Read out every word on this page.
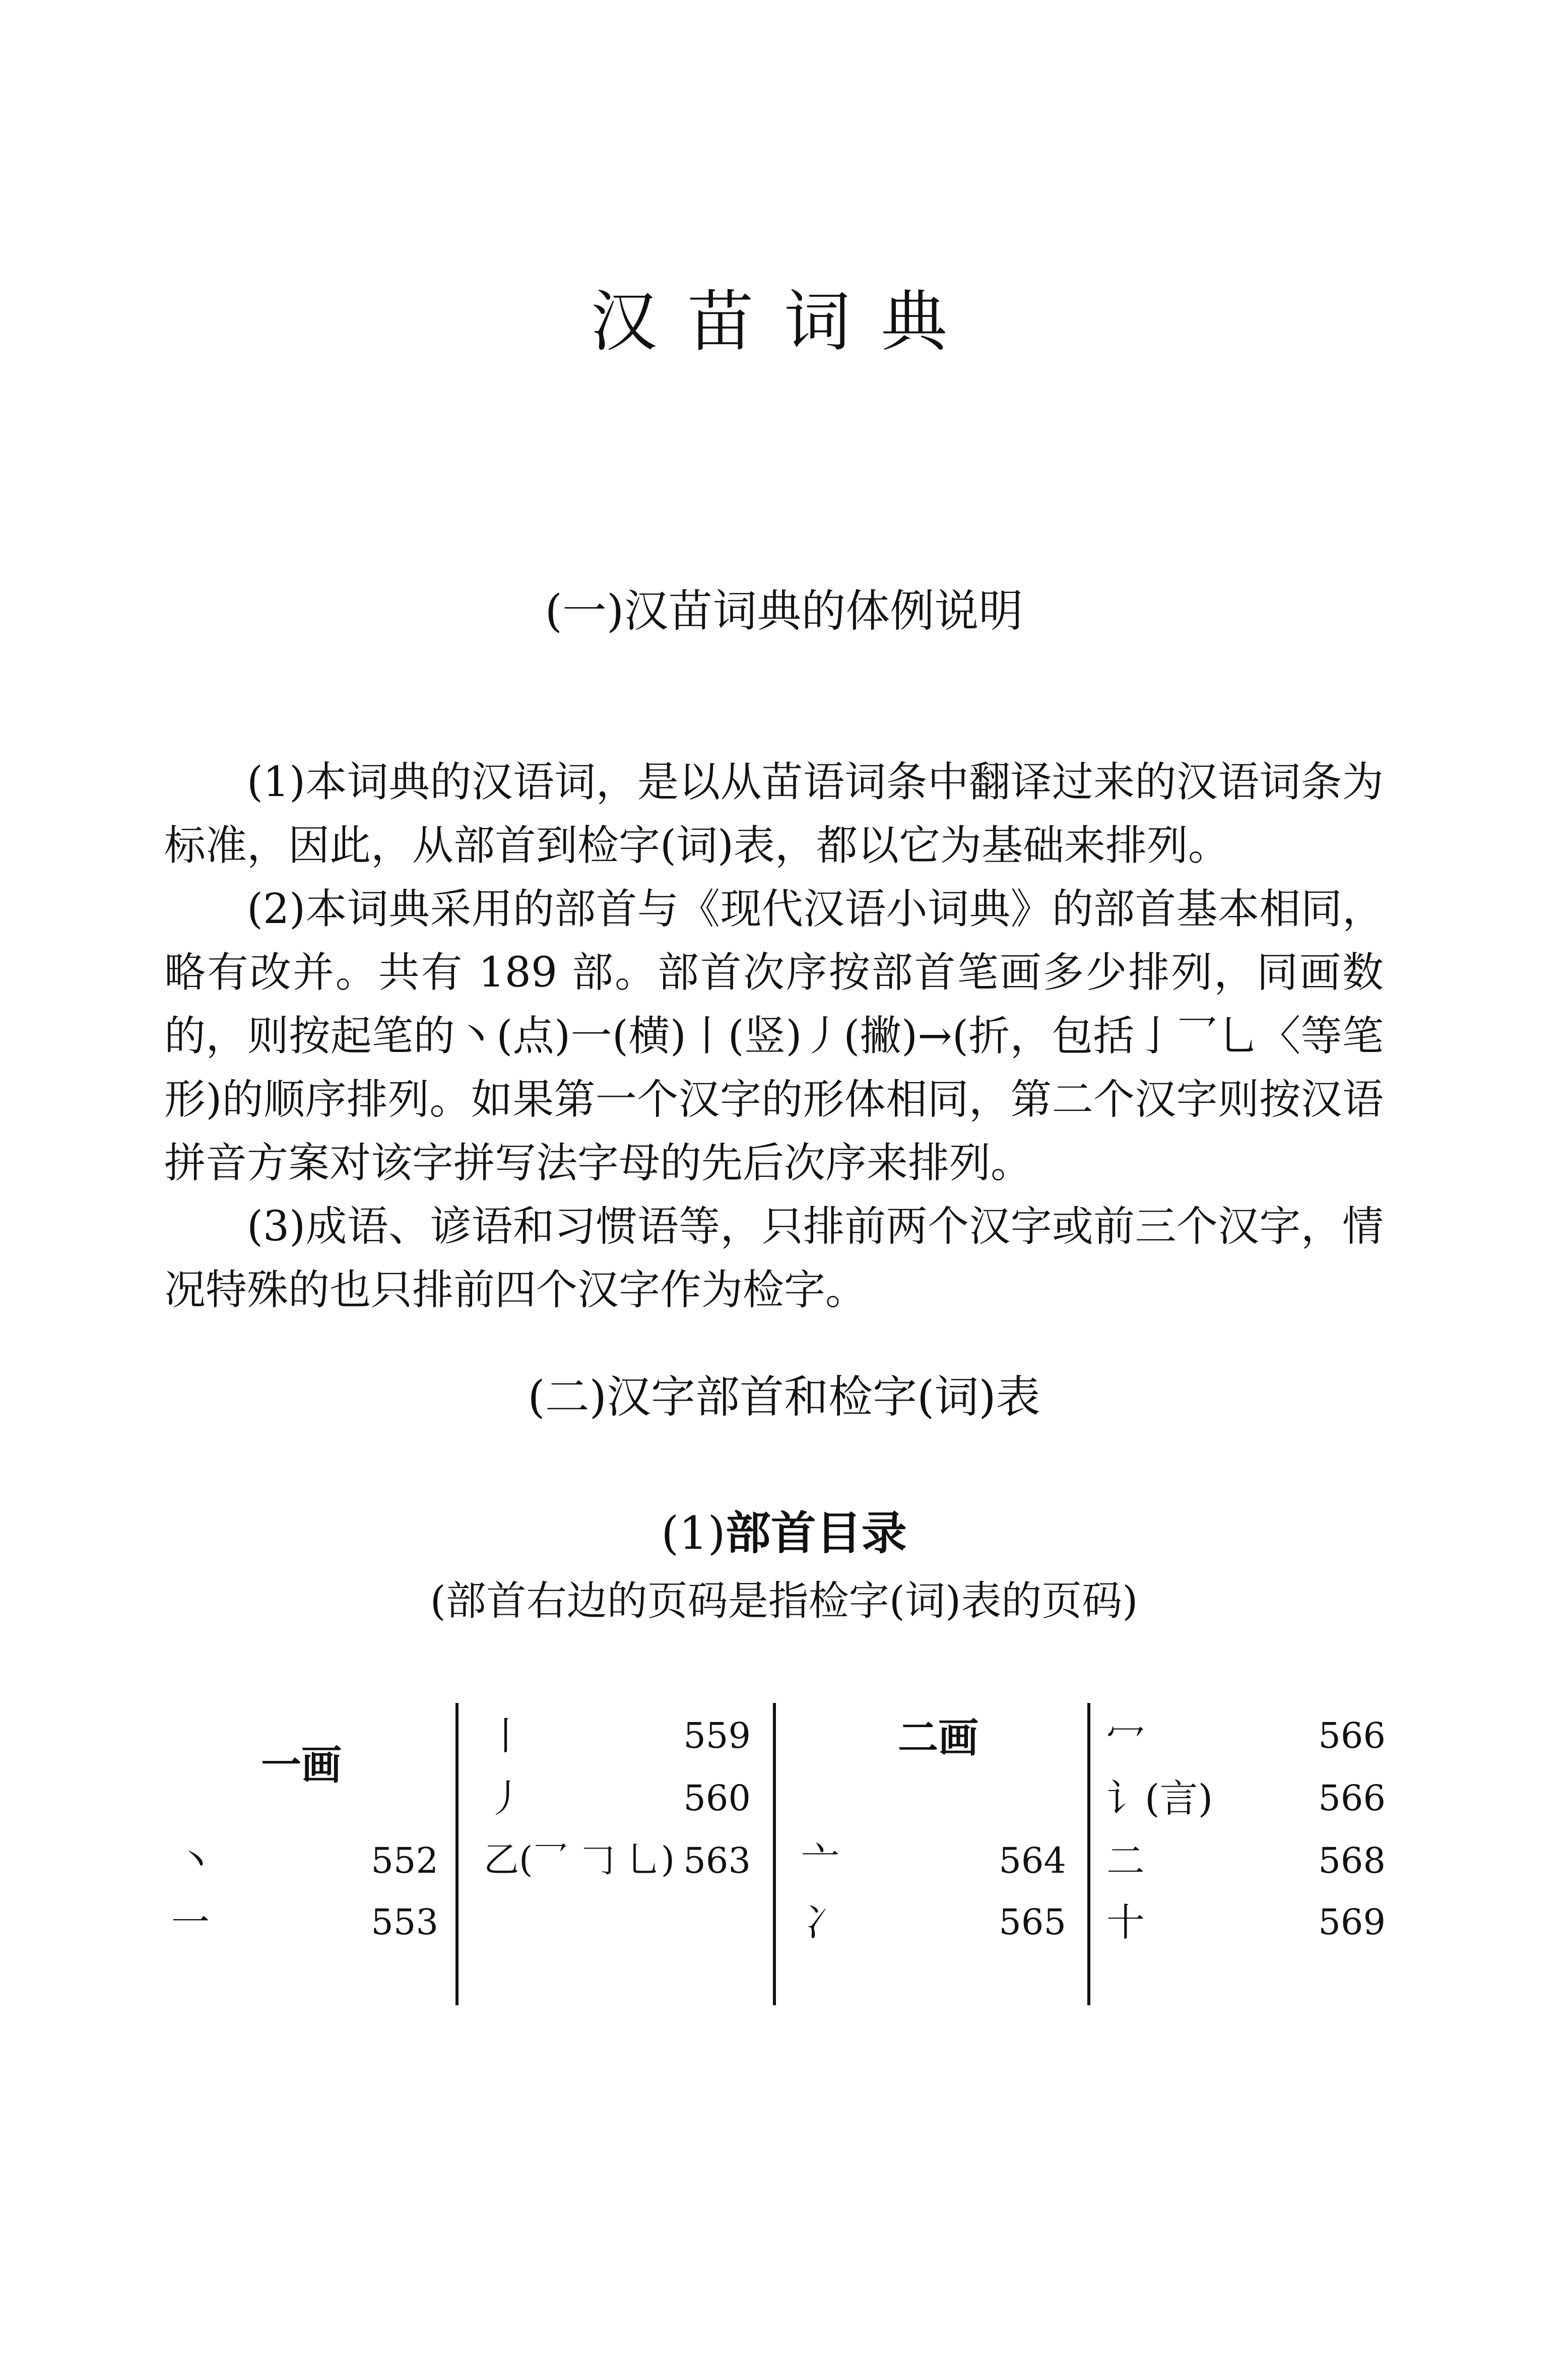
汉苗词典
(一)汉苗词典的体例说明

(1)本词典的汉语词，是以从苗语词条中翻译过来的汉语词条为标准，因此，从部首到检字(词)表，都以它为基础来排列。

(2)本词典采用的部首与《现代汉语小词典》的部首基本相同，略有改并。共有 189 部。部首次序按部首笔画多少排列，同画数的，则按起笔的丶(点)一(横)丨(竖)丿(撇)→(折，包括亅乛乚〈等笔形)的顺序排列。如果第一个汉字的形体相同，第二个汉字则按汉语拼音方案对该字拼写法字母的先后次序来排列。

(3)成语、谚语和习惯语等，只排前两个汉字或前三个汉字，情况特殊的也只排前四个汉字作为检字。

(二)汉字部首和检字(词)表
(1)部首目录
(部首右边的页码是指检字(词)表的页码)
一画
丶	552
一	553
丨	559
丿	560
乙(乛 𠃌 乚) 563
二画
亠	564
冫	565
冖	566
讠(言)	566
二	568
十	569
